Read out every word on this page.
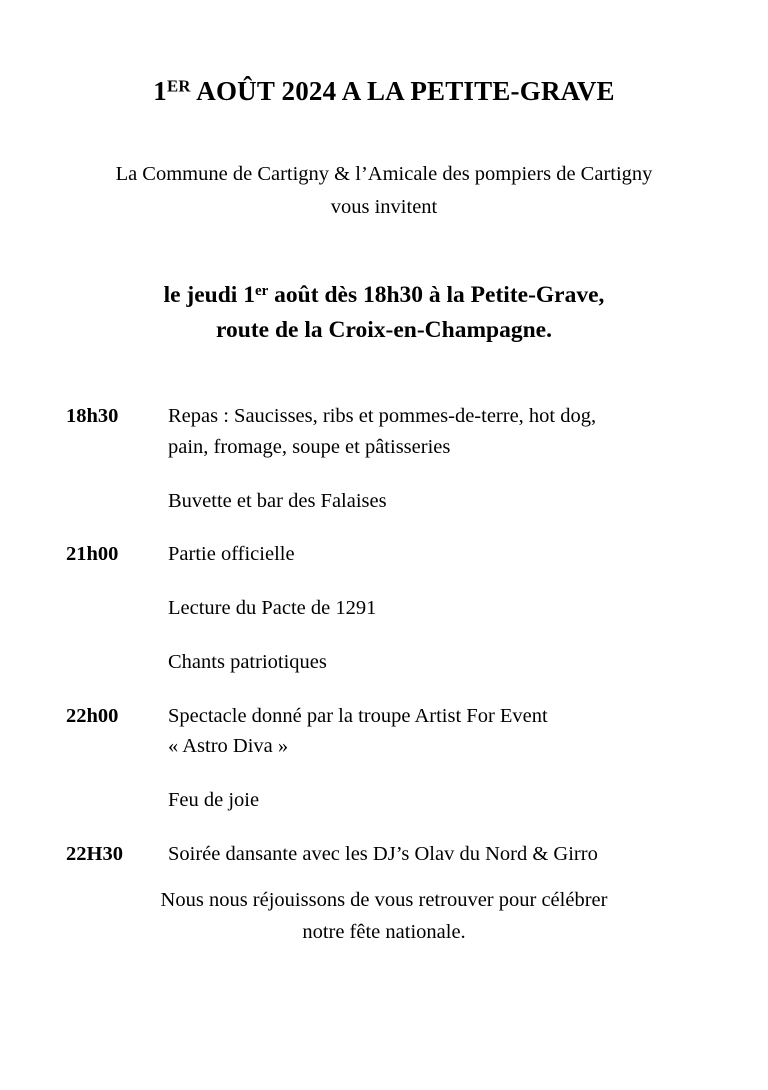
1ER AOÛT 2024 A LA PETITE-GRAVE
La Commune de Cartigny & l’Amicale des pompiers de Cartigny
vous invitent
le jeudi 1er août dès 18h30 à la Petite-Grave,
route de la Croix-en-Champagne.
18h30	Repas : Saucisses, ribs et pommes-de-terre, hot dog,
pain, fromage, soupe et pâtisseries
Buvette et bar des Falaises
21h00	Partie officielle
Lecture du Pacte de 1291
Chants patriotiques
22h00	Spectacle donné par la troupe Artist For Event
« Astro Diva »
Feu de joie
22H30	Soirée dansante avec les DJ’s Olav du Nord & Girro
Nous nous réjouissons de vous retrouver pour célébrer
notre fête nationale.
